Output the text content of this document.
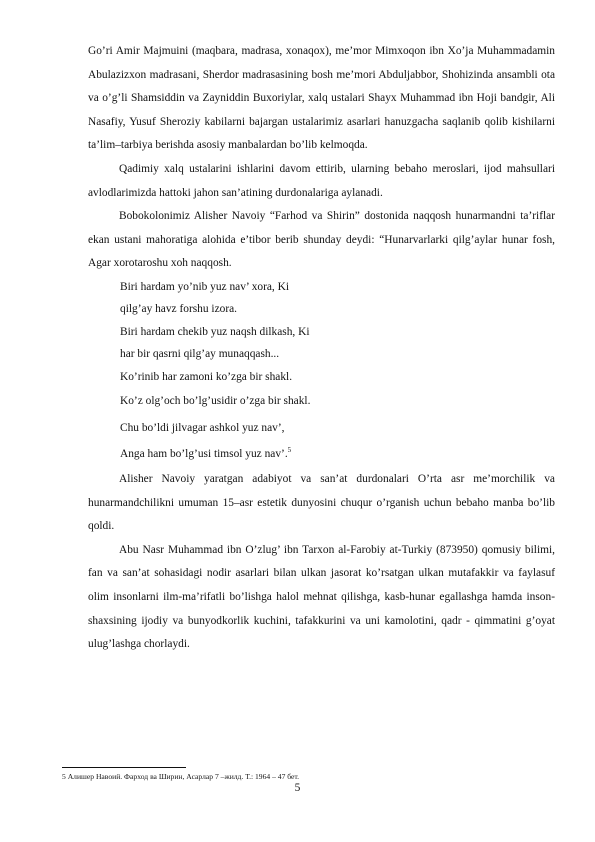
Go’ri Amir Majmuini (maqbara, madrasa, xonaqox), me’mor Mimxoqon ibn Xo’ja Muhammadamin Abulazizxon madrasani, Sherdor madrasasining bosh me’mori Abduljabbor, Shohizinda ansambli ota va o’g’li Shamsiddin va Zayniddin Buxoriylar, xalq ustalari Shayx Muhammad ibn Hoji bandgir, Ali Nasafiy, Yusuf Sheroziy kabilarni bajargan ustalarimiz asarlari hanuzgacha saqlanib qolib kishilarni ta’lim–tarbiya berishda asosiy manbalardan bo’lib kelmoqda.

Qadimiy xalq ustalarini ishlarini davom ettirib, ularning bebaho meroslari, ijod mahsullari avlodlarimizda hattoki jahon san’atining durdonalariga aylanadi.

Bobokolonimiz Alisher Navoiy “Farhod va Shirin” dostonida naqqosh hunarmandni ta’riflar ekan ustani mahoratiga alohida e’tibor berib shunday deydi: “Hunarvarlarki qilg’aylar hunar fosh, Agar xorotaroshu xoh naqqosh.

Biri hardam yo’nib yuz nav’ xora, Ki
qilg’ay havz forshu izora.
Biri hardam chekib yuz naqsh dilkash, Ki
har bir qasrni qilg’ay munaqqash...
Ko’rinib har zamoni ko’zga bir shakl.
Ko’z olg’och bo’lg’usidir o’zga bir shakl.
Chu bo’ldi jilvagar ashkol yuz nav’,
Anga ham bo’lg’usi timsol yuz nav’.$^5$

Alisher Navoiy yaratgan adabiyot va san’at durdonalari O’rta asr me’morchilik va hunarmandchilikni umuman 15–asr estetik dunyosini chuqur o’rganish uchun bebaho manba bo’lib qoldi.

Abu Nasr Muhammad ibn O’zlug’ ibn Tarxon al-Farobiy at-Turkiy (873950) qomusiy bilimi, fan va san’at sohasidagi nodir asarlari bilan ulkan jasorat ko’rsatgan ulkan mutafakkir va faylasuf olim insonlarni ilm-ma’rifatli bo’lishga halol mehnat qilishga, kasb-hunar egallashga hamda inson-shaxsining ijodiy va bunyodkorlik kuchini, tafakkurini va uni kamolotini, qadr - qimmatini g’oyat ulug’lashga chorlaydi.

5 Алишер Навоий. Фарход ва Ширин, Асарлар 7 –жилд. Т.: 1964 – 47 бет.
5
